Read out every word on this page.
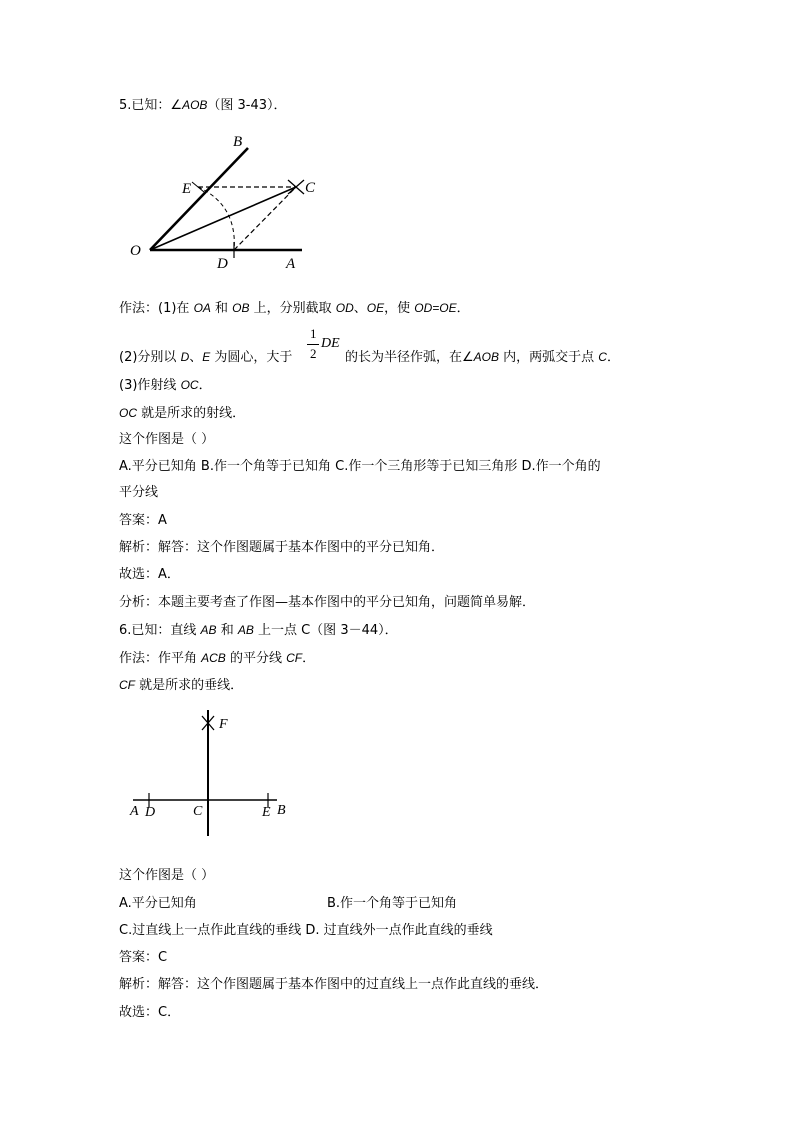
5.已知：∠AOB（图 3-43）．
B
E	C
O
D	A
作法：(1)在 OA 和 OB 上，分别截取 OD、OE，使 OD=OE．
(2)分别以 D、E 为圆心，大于
1
2
DE
的长为半径作弧，在∠AOB 内，两弧交于点 C．
(3)作射线 OC．
OC 就是所求的射线．
这个作图是（ ）
A.平分已知角 B.作一个角等于已知角 C.作一个三角形等于已知三角形 D.作一个角的
平分线
答案：A
解析：解答：这个作图题属于基本作图中的平分已知角．
故选：A．
分析：本题主要考查了作图—基本作图中的平分已知角，问题简单易解．
6.已知：直线 AB 和 AB 上一点 C（图 3－44）．
作法：作平角 ACB 的平分线 CF．
CF 就是所求的垂线．
F
A D	C	E B
这个作图是（ ）
A.平分已知角	B.作一个角等于已知角
C.过直线上一点作此直线的垂线 D. 过直线外一点作此直线的垂线
答案：C
解析：解答：这个作图题属于基本作图中的过直线上一点作此直线的垂线．
故选：C．
